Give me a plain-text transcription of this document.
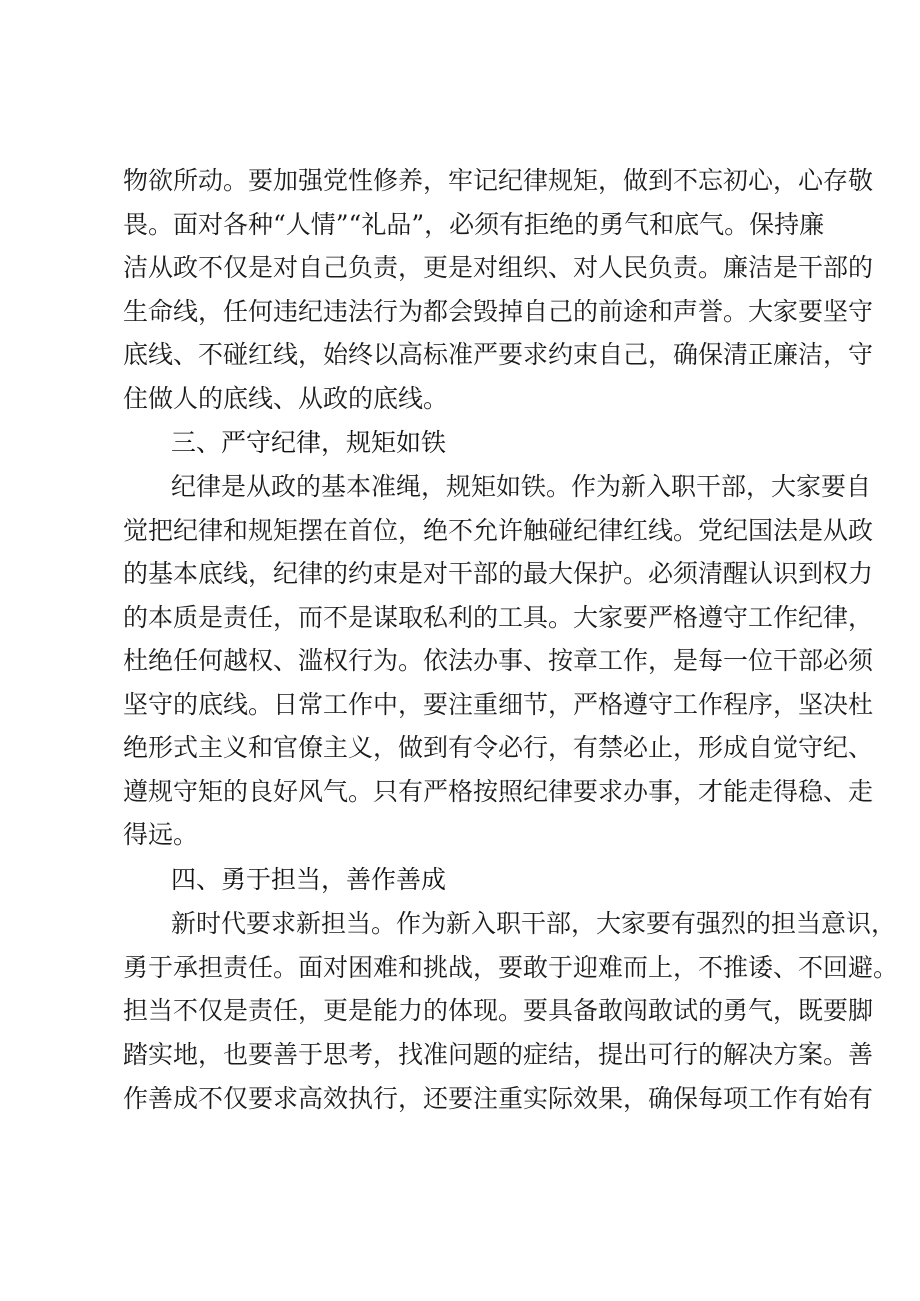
物欲所动。要加强党性修养，牢记纪律规矩，做到不忘初心，心存敬
畏。面对各种“人情”“礼品”，必须有拒绝的勇气和底气。保持廉
洁从政不仅是对自己负责，更是对组织、对人民负责。廉洁是干部的
生命线，任何违纪违法行为都会毁掉自己的前途和声誉。大家要坚守
底线、不碰红线，始终以高标准严要求约束自己，确保清正廉洁，守
住做人的底线、从政的底线。
三、严守纪律，规矩如铁
纪律是从政的基本准绳，规矩如铁。作为新入职干部，大家要自
觉把纪律和规矩摆在首位，绝不允许触碰纪律红线。党纪国法是从政
的基本底线，纪律的约束是对干部的最大保护。必须清醒认识到权力
的本质是责任，而不是谋取私利的工具。大家要严格遵守工作纪律，
杜绝任何越权、滥权行为。依法办事、按章工作，是每一位干部必须
坚守的底线。日常工作中，要注重细节，严格遵守工作程序，坚决杜
绝形式主义和官僚主义，做到有令必行，有禁必止，形成自觉守纪、
遵规守矩的良好风气。只有严格按照纪律要求办事，才能走得稳、走
得远。
四、勇于担当，善作善成
新时代要求新担当。作为新入职干部，大家要有强烈的担当意识，
勇于承担责任。面对困难和挑战，要敢于迎难而上，不推诿、不回避。
担当不仅是责任，更是能力的体现。要具备敢闯敢试的勇气，既要脚
踏实地，也要善于思考，找准问题的症结，提出可行的解决方案。善
作善成不仅要求高效执行，还要注重实际效果，确保每项工作有始有
